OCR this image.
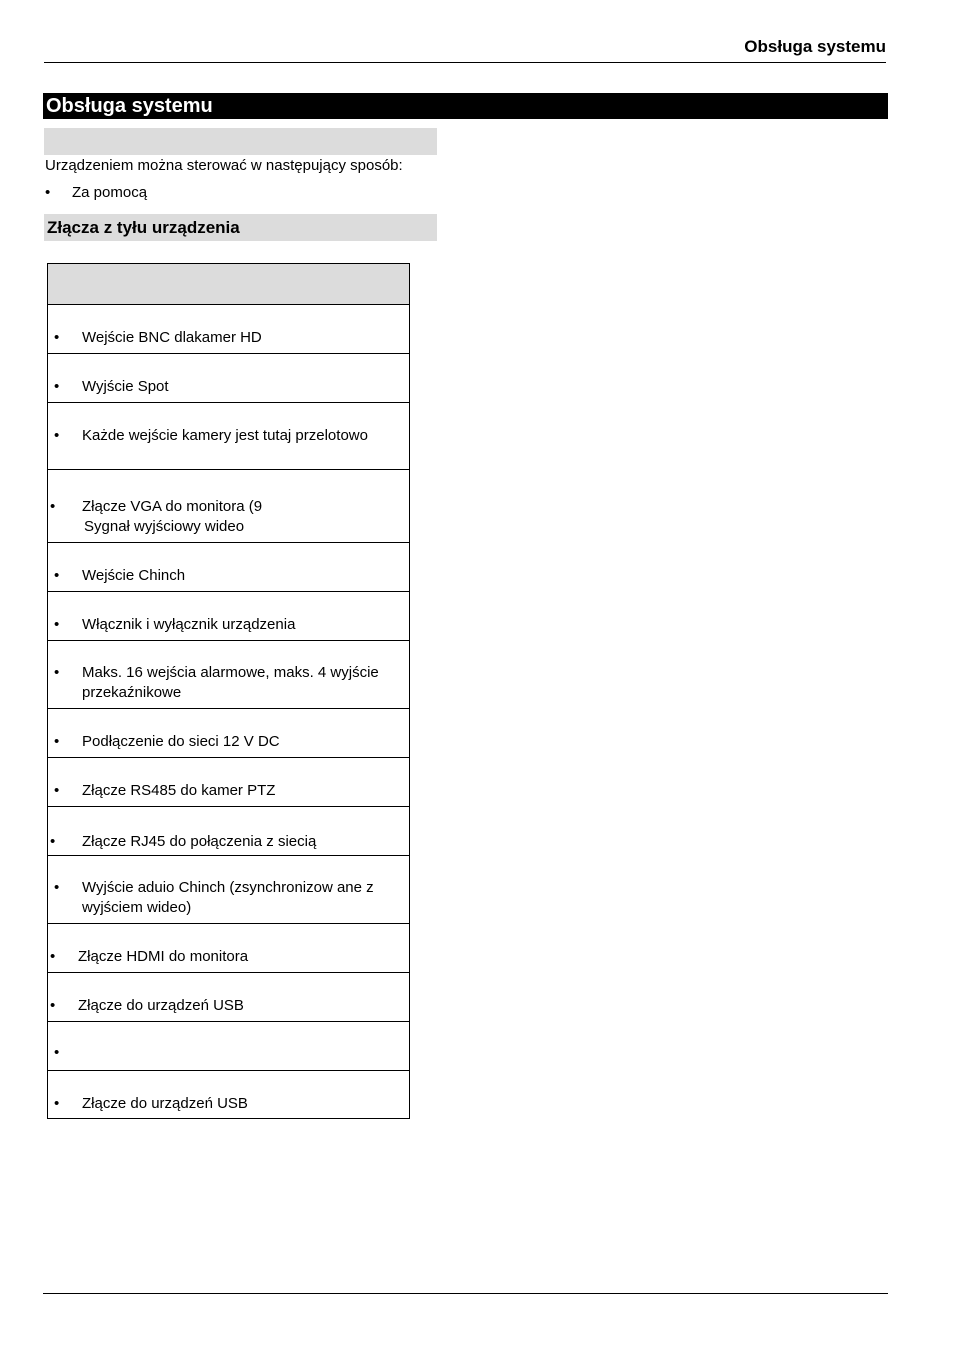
Obsługa systemu
Obsługa systemu
Urządzeniem można sterować w następujący sposób:
• Za pomocą
Złącza z tyłu urządzenia

• Wejście BNC dlakamer HD

• Wyjście Spot

• Każde wejście kamery jest tutaj przelotowo

• Złącze VGA do monitora (9
Sygnał wyjściowy wideo

• Wejście Chinch

• Włącznik i wyłącznik urządzenia

• Maks. 16 wejścia alarmowe, maks. 4 wyjście
przekaźnikowe

• Podłączenie do sieci 12 V DC

• Złącze RS485 do kamer PTZ

• Złącze RJ45 do połączenia z siecią

• Wyjście aduio Chinch (zsynchronizow ane z
wyjściem wideo)

• Złącze HDMI do monitora

• Złącze do urządzeń USB

•

• Złącze do urządzeń USB
